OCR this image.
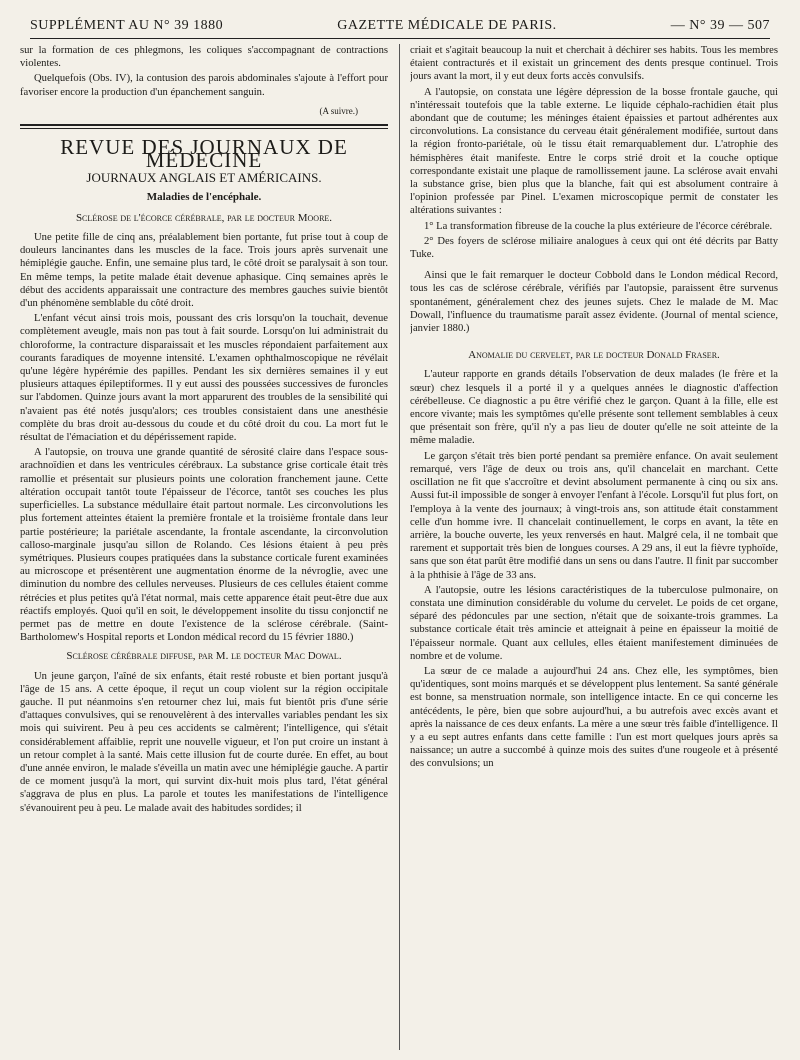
SUPPLÉMENT AU N° 39 1880	GAZETTE MÉDICALE DE PARIS.	— N° 39 — 507

sur la formation de ces phlegmons, les coliques s'accompagnant de contractions violentes.

Quelquefois (Obs. IV), la contusion des parois abdominales s'ajoute à l'effort pour favoriser encore la production d'un épanchement sanguin.

(A suivre.)
REVUE DES JOURNAUX DE MÉDECINE
JOURNAUX ANGLAIS ET AMÉRICAINS.
Maladies de l'encéphale.
Sclérose de l'écorce cérébrale, par le docteur Moore.

Une petite fille de cinq ans, préalablement bien portante, fut prise tout à coup de douleurs lancinantes dans les muscles de la face. Trois jours après survenait une hémiplégie gauche. Enfin, une semaine plus tard, le côté droit se paralysait à son tour. En même temps, la petite malade était devenue aphasique. Cinq semaines après le début des accidents apparaissait une contracture des membres gauches suivie bientôt d'un phénomène semblable du côté droit.

L'enfant vécut ainsi trois mois, poussant des cris lorsqu'on la touchait, devenue complètement aveugle, mais non pas tout à fait sourde. Lorsqu'on lui administrait du chloroforme, la contracture disparaissait et les muscles répondaient parfaitement aux courants faradiques de moyenne intensité. L'examen ophthalmoscopique ne révélait qu'une légère hypérémie des papilles. Pendant les six dernières semaines il y eut plusieurs attaques épileptiformes. Il y eut aussi des poussées successives de furoncles sur l'abdomen. Quinze jours avant la mort apparurent des troubles de la sensibilité qui n'avaient pas été notés jusqu'alors; ces troubles consistaient dans une anesthésie complète du bras droit au-dessous du coude et du côté droit du cou. La mort fut le résultat de l'émaciation et du dépérissement rapide.

A l'autopsie, on trouva une grande quantité de sérosité claire dans l'espace sous-arachnoïdien et dans les ventricules cérébraux. La substance grise corticale était très ramollie et présentait sur plusieurs points une coloration franchement jaune. Cette altération occupait tantôt toute l'épaisseur de l'écorce, tantôt ses couches les plus superficielles. La substance médullaire était partout normale. Les circonvolutions les plus fortement atteintes étaient la première frontale et la troisième frontale dans leur partie postérieure; la pariétale ascendante, la frontale ascendante, la circonvolution calloso-marginale jusqu'au sillon de Rolando. Ces lésions étaient à peu près symétriques. Plusieurs coupes pratiquées dans la substance corticale furent examinées au microscope et présentèrent une augmentation énorme de la névroglie, avec une diminution du nombre des cellules nerveuses. Plusieurs de ces cellules étaient comme rétrécies et plus petites qu'à l'état normal, mais cette apparence était peut-être due aux réactifs employés. Quoi qu'il en soit, le développement insolite du tissu conjonctif ne permet pas de mettre en doute l'existence de la sclérose cérébrale. (Saint-Bartholomew's Hospital reports et London médical record du 15 février 1880.)

Sclérose cérébrale diffuse, par M. le docteur Mac Dowal.

Un jeune garçon, l'aîné de six enfants, était resté robuste et bien portant jusqu'à l'âge de 15 ans. A cette époque, il reçut un coup violent sur la région occipitale gauche. Il put néanmoins s'en retourner chez lui, mais fut bientôt pris d'une série d'attaques convulsives, qui se renouvelèrent à des intervalles variables pendant les six mois qui suivirent. Peu à peu ces accidents se calmèrent; l'intelligence, qui s'était considérablement affaiblie, reprit une nouvelle vigueur, et l'on put croire un instant à un retour complet à la santé. Mais cette illusion fut de courte durée. En effet, au bout d'une année environ, le malade s'éveilla un matin avec une hémiplégie gauche. A partir de ce moment jusqu'à la mort, qui survint dix-huit mois plus tard, l'état général s'aggrava de plus en plus. La parole et toutes les manifestations de l'intelligence s'évanouirent peu à peu. Le malade avait des habitudes sordides; il

criait et s'agitait beaucoup la nuit et cherchait à déchirer ses habits. Tous les membres étaient contracturés et il existait un grincement des dents presque continuel. Trois jours avant la mort, il y eut deux forts accès convulsifs.

A l'autopsie, on constata une légère dépression de la bosse frontale gauche, qui n'intéressait toutefois que la table externe. Le liquide céphalo-rachidien était plus abondant que de coutume; les méninges étaient épaissies et partout adhérentes aux circonvolutions. La consistance du cerveau était généralement modifiée, surtout dans la région fronto-pariétale, où le tissu était remarquablement dur. L'atrophie des hémisphères était manifeste. Entre le corps strié droit et la couche optique correspondante existait une plaque de ramollissement jaune. La sclérose avait envahi la substance grise, bien plus que la blanche, fait qui est absolument contraire à l'opinion professée par Pinel. L'examen microscopique permit de constater les altérations suivantes :

1° La transformation fibreuse de la couche la plus extérieure de l'écorce cérébrale.

2° Des foyers de sclérose miliaire analogues à ceux qui ont été décrits par Batty Tuke.

Ainsi que le fait remarquer le docteur Cobbold dans le London médical Record, tous les cas de sclérose cérébrale, vérifiés par l'autopsie, paraissent être survenus spontanément, généralement chez des jeunes sujets. Chez le malade de M. Mac Dowall, l'influence du traumatisme paraît assez évidente. (Journal of mental science, janvier 1880.)

Anomalie du cervelet, par le docteur Donald Fraser.

L'auteur rapporte en grands détails l'observation de deux malades (le frère et la sœur) chez lesquels il a porté il y a quelques années le diagnostic d'affection cérébelleuse. Ce diagnostic a pu être vérifié chez le garçon. Quant à la fille, elle est encore vivante; mais les symptômes qu'elle présente sont tellement semblables à ceux que présentait son frère, qu'il n'y a pas lieu de douter qu'elle ne soit atteinte de la même maladie.

Le garçon s'était très bien porté pendant sa première enfance. On avait seulement remarqué, vers l'âge de deux ou trois ans, qu'il chancelait en marchant. Cette oscillation ne fit que s'accroître et devint absolument permanente à cinq ou six ans. Aussi fut-il impossible de songer à envoyer l'enfant à l'école. Lorsqu'il fut plus fort, on l'employa à la vente des journaux; à vingt-trois ans, son attitude était constamment celle d'un homme ivre. Il chancelait continuellement, le corps en avant, la tête en arrière, la bouche ouverte, les yeux renversés en haut. Malgré cela, il ne tombait que rarement et supportait très bien de longues courses. A 29 ans, il eut la fièvre typhoïde, sans que son état parût être modifié dans un sens ou dans l'autre. Il finit par succomber à la phthisie à l'âge de 33 ans.

A l'autopsie, outre les lésions caractéristiques de la tuberculose pulmonaire, on constata une diminution considérable du volume du cervelet. Le poids de cet organe, séparé des pédoncules par une section, n'était que de soixante-trois grammes. La substance corticale était très amincie et atteignait à peine en épaisseur la moitié de l'épaisseur normale. Quant aux cellules, elles étaient manifestement diminuées de nombre et de volume.

La sœur de ce malade a aujourd'hui 24 ans. Chez elle, les symptômes, bien qu'identiques, sont moins marqués et se développent plus lentement. Sa santé générale est bonne, sa menstruation normale, son intelligence intacte. En ce qui concerne les antécédents, le père, bien que sobre aujourd'hui, a bu autrefois avec excès avant et après la naissance de ces deux enfants. La mère a une sœur très faible d'intelligence. Il y a eu sept autres enfants dans cette famille : l'un est mort quelques jours après sa naissance; un autre a succombé à quinze mois des suites d'une rougeole et à présenté des convulsions; un
